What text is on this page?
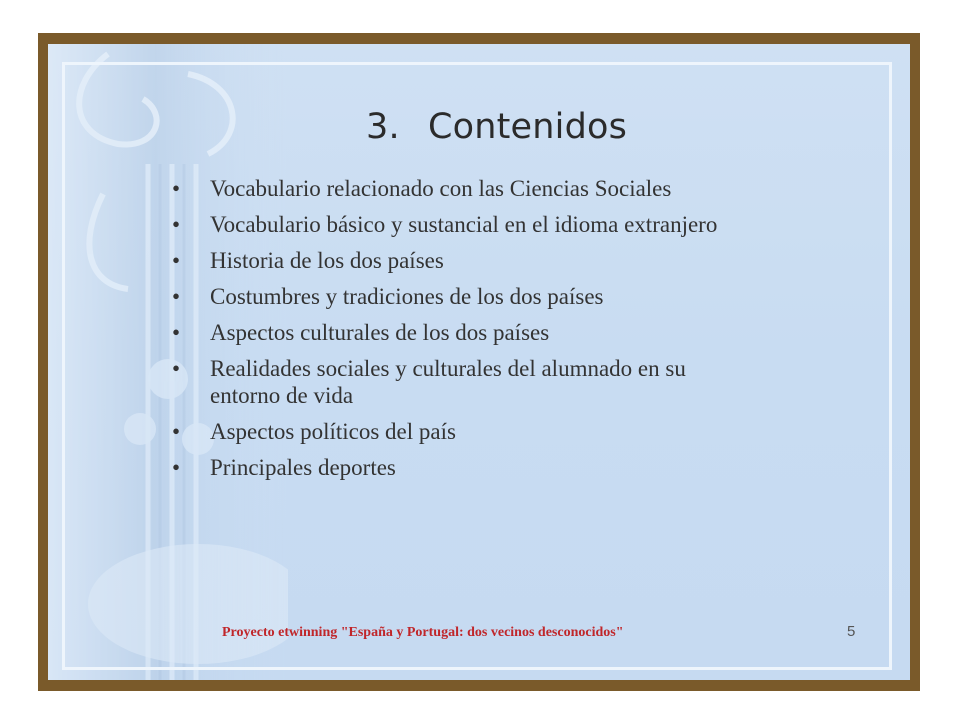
3. Contenidos
•	Vocabulario relacionado con las Ciencias Sociales
•	Vocabulario básico y sustancial en el idioma extranjero
•	Historia de los dos países
•	Costumbres y tradiciones de los dos países
•	Aspectos culturales de los dos países
•	Realidades sociales y culturales del alumnado en su entorno de vida
•	Aspectos políticos del país
•	Principales deportes
Proyecto etwinning "España y Portugal: dos vecinos desconocidos"	5
